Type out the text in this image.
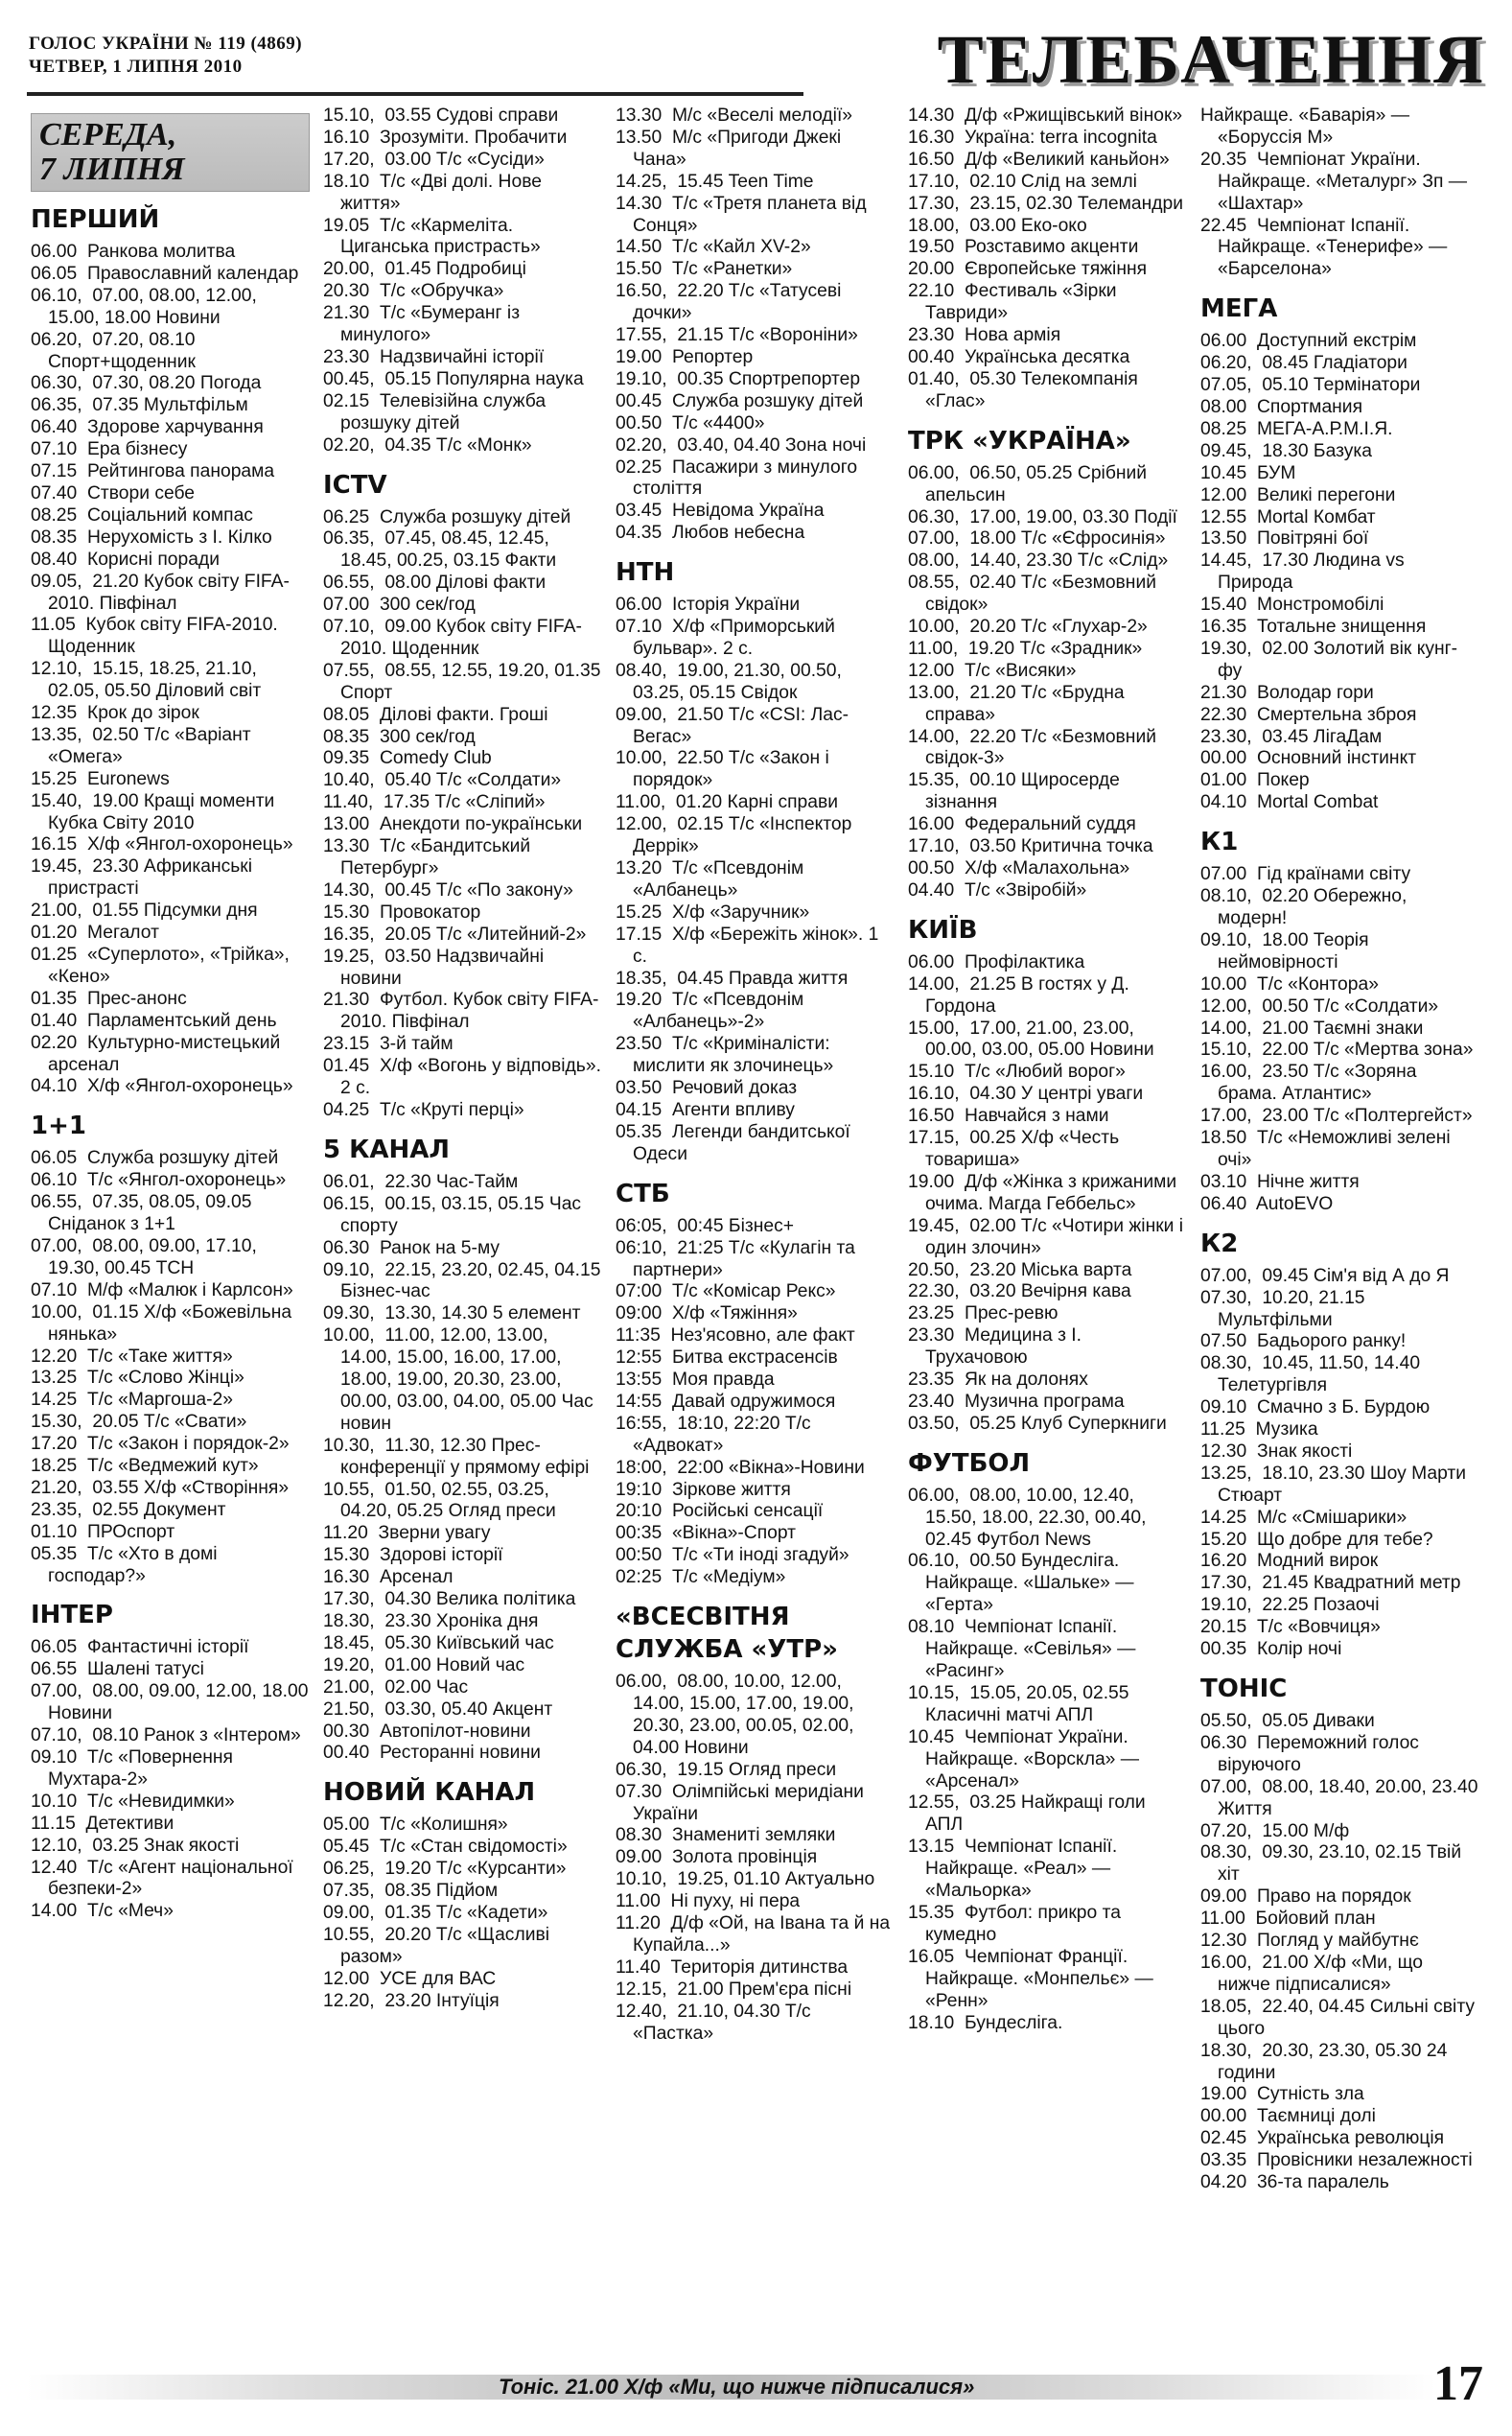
ГОЛОС УКРАЇНИ № 119 (4869)
ЧЕТВЕР, 1 ЛИПНЯ 2010	ТЕЛЕБАЧЕННЯ
СЕРЕДА,
7 ЛИПНЯ
ПЕРШИЙ
06.00  Ранкова молитва
06.05  Православний календар
06.10,  07.00, 08.00, 12.00, 15.00, 18.00 Новини
06.20,  07.20, 08.10 Спорт+щоденник
06.30,  07.30, 08.20 Погода
06.35,  07.35 Мультфільм
06.40  Здорове харчування
07.10  Ера бізнесу
07.15  Рейтингова панорама
07.40  Створи себе
08.25  Соціальний компас
08.35  Нерухомість з І. Кілко
08.40  Корисні поради
09.05,  21.20 Кубок світу FIFA-2010. Півфінал
11.05  Кубок світу FIFA-2010. Щоденник
12.10,  15.15, 18.25, 21.10, 02.05, 05.50 Діловий світ
12.35  Крок до зірок
13.35,  02.50 Т/с «Варіант «Омега»
15.25  Euronews
15.40,  19.00 Кращі моменти Кубка Світу 2010
16.15  Х/ф «Янгол-охоронець»
19.45,  23.30 Африканські пристрасті
21.00,  01.55 Підсумки дня
01.20  Мегалот
01.25  «Суперлото», «Трійка», «Кено»
01.35  Прес-анонс
01.40  Парламентський день
02.20  Культурно-мистецький арсенал
04.10  Х/ф «Янгол-охоронець»
1+1
06.05  Служба розшуку дітей
06.10  Т/с «Янгол-охоронець»
06.55,  07.35, 08.05, 09.05 Сніданок з 1+1
07.00,  08.00, 09.00, 17.10, 19.30, 00.45 ТСН
07.10  М/ф «Малюк і Карлсон»
10.00,  01.15 Х/ф «Божевільна нянька»
12.20  Т/с «Таке життя»
13.25  Т/с «Слово Жінці»
14.25  Т/с «Маргоша-2»
15.30,  20.05 Т/с «Свати»
17.20  Т/с «Закон і порядок-2»
18.25  Т/с «Ведмежий кут»
21.20,  03.55 Х/ф «Створіння»
23.35,  02.55 Документ
01.10  ПРОспорт
05.35  Т/с «Хто в домі господар?»
ІНТЕР
06.05  Фантастичні історії
06.55  Шалені татусі
07.00,  08.00, 09.00, 12.00, 18.00 Новини
07.10,  08.10 Ранок з «Інтером»
09.10  Т/с «Повернення Мухтара-2»
10.10  Т/с «Невидимки»
11.15  Детективи
12.10,  03.25 Знак якості
12.40  Т/с «Агент національної безпеки-2»
14.00  Т/с «Меч»
15.10,  03.55 Судові справи
16.10  Зрозуміти. Пробачити
17.20,  03.00 Т/с «Сусіди»
18.10  Т/с «Дві долі. Нове життя»
19.05  Т/с «Кармеліта. Циганська пристрасть»
20.00,  01.45 Подробиці
20.30  Т/с «Обручка»
21.30  Т/с «Бумеранг із минулого»
23.30  Надзвичайні історії
00.45,  05.15 Популярна наука
02.15  Телевізійна служба розшуку дітей
02.20,  04.35 Т/с «Монк»
ICTV
06.25  Служба розшуку дітей
06.35,  07.45, 08.45, 12.45, 18.45, 00.25, 03.15 Факти
06.55,  08.00 Ділові факти
07.00  300 сек/год
07.10,  09.00 Кубок світу FIFA-2010. Щоденник
07.55,  08.55, 12.55, 19.20, 01.35 Спорт
08.05  Ділові факти. Гроші
08.35  300 сек/год
09.35  Comedy Club
10.40,  05.40 Т/с «Солдати»
11.40,  17.35 Т/с «Сліпий»
13.00  Анекдоти по-українськи
13.30  Т/с «Бандитський Петербург»
14.30,  00.45 Т/с «По закону»
15.30  Провокатор
16.35,  20.05 Т/с «Литейний-2»
19.25,  03.50 Надзвичайні новини
21.30  Футбол. Кубок світу FIFA-2010. Півфінал
23.15  3-й тайм
01.45  Х/ф «Вогонь у відповідь». 2 с.
04.25  Т/с «Круті перці»
5 КАНАЛ
06.01,  22.30 Час-Тайм
06.15,  00.15, 03.15, 05.15 Час спорту
06.30  Ранок на 5-му
09.10,  22.15, 23.20, 02.45, 04.15 Бізнес-час
09.30,  13.30, 14.30 5 елемент
10.00,  11.00, 12.00, 13.00, 14.00, 15.00, 16.00, 17.00, 18.00, 19.00, 20.30, 23.00, 00.00, 03.00, 04.00, 05.00 Час новин
10.30,  11.30, 12.30 Прес-конференції у прямому ефірі
10.55,  01.50, 02.55, 03.25, 04.20, 05.25 Огляд преси
11.20  Зверни увагу
15.30  Здорові історії
16.30  Арсенал
17.30,  04.30 Велика політика
18.30,  23.30 Хроніка дня
18.45,  05.30 Київський час
19.20,  01.00 Новий час
21.00,  02.00 Час
21.50,  03.30, 05.40 Акцент
00.30  Автопілот-новини
00.40  Ресторанні новини
НОВИЙ КАНАЛ
05.00  Т/с «Колишня»
05.45  Т/с «Стан свідомості»
06.25,  19.20 Т/с «Курсанти»
07.35,  08.35 Підйом
09.00,  01.35 Т/с «Кадети»
10.55,  20.20 Т/с «Щасливі разом»
12.00  УСЕ для ВАС
12.20,  23.20 Інтуїція
13.30  М/с «Веселі мелодії»
13.50  М/с «Пригоди Джекі Чана»
14.25,  15.45 Teen Time
14.30  Т/с «Третя планета від Сонця»
14.50  Т/с «Кайл XV-2»
15.50  Т/с «Ранетки»
16.50,  22.20 Т/с «Татусеві дочки»
17.55,  21.15 Т/с «Вороніни»
19.00  Репортер
19.10,  00.35 Спортрепортер
00.45  Служба розшуку дітей
00.50  Т/с «4400»
02.20,  03.40, 04.40 Зона ночі
02.25  Пасажири з минулого століття
03.45  Невідома Україна
04.35  Любов небесна
НТН
06.00  Історія України
07.10  Х/ф «Приморський бульвар». 2 с.
08.40,  19.00, 21.30, 00.50, 03.25, 05.15 Свідок
09.00,  21.50 Т/с «CSI: Лас-Вегас»
10.00,  22.50 Т/с «Закон і порядок»
11.00,  01.20 Карні справи
12.00,  02.15 Т/с «Інспектор Деррік»
13.20  Т/с «Псевдонім «Албанець»
15.25  Х/ф «Заручник»
17.15  Х/ф «Бережіть жінок». 1 с.
18.35,  04.45 Правда життя
19.20  Т/с «Псевдонім «Албанець»-2»
23.50  Т/с «Криміналісти: мислити як злочинець»
03.50  Речовий доказ
04.15  Агенти впливу
05.35  Легенди бандитської Одеси
СТБ
06:05,  00:45 Бізнес+
06:10,  21:25 Т/с «Кулагін та партнери»
07:00  Т/с «Комісар Рекс»
09:00  Х/ф «Тяжіння»
11:35  Нез'ясовно, але факт
12:55  Битва екстрасенсів
13:55  Моя правда
14:55  Давай одружимося
16:55,  18:10, 22:20 Т/с «Адвокат»
18:00,  22:00 «Вікна»-Новини
19:10  Зіркове життя
20:10  Російські сенсації
00:35  «Вікна»-Спорт
00:50  Т/с «Ти іноді згадуй»
02:25  Т/с «Медіум»
«ВСЕСВІТНЯ СЛУЖБА «УТР»
06.00,  08.00, 10.00, 12.00, 14.00, 15.00, 17.00, 19.00, 20.30, 23.00, 00.05, 02.00, 04.00 Новини
06.30,  19.15 Огляд преси
07.30  Олімпійські меридіани України
08.30  Знамениті земляки
09.00  Золота провінція
10.10,  19.25, 01.10 Актуально
11.00  Ні пуху, ні пера
11.20  Д/ф «Ой, на Івана та й на Купайла...»
11.40  Територія дитинства
12.15,  21.00 Прем'єра пісні
12.40,  21.10, 04.30 Т/с «Пастка»
14.30  Д/ф «Ржищівський вінок»
16.30  Україна: terra incognita
16.50  Д/ф «Великий каньйон»
17.10,  02.10 Слід на землі
17.30,  23.15, 02.30 Телемандри
18.00,  03.00 Еко-око
19.50  Розставимо акценти
20.00  Європейське тяжіння
22.10  Фестиваль «Зірки Тавриди»
23.30  Нова армія
00.40  Українська десятка
01.40,  05.30 Телекомпанія «Глас»
ТРК «УКРАЇНА»
06.00,  06.50, 05.25 Срібний апельсин
06.30,  17.00, 19.00, 03.30 Події
07.00,  18.00 Т/с «Єфросинія»
08.00,  14.40, 23.30 Т/с «Слід»
08.55,  02.40 Т/с «Безмовний свідок»
10.00,  20.20 Т/с «Глухар-2»
11.00,  19.20 Т/с «Зрадник»
12.00  Т/с «Висяки»
13.00,  21.20 Т/с «Брудна справа»
14.00,  22.20 Т/с «Безмовний свідок-3»
15.35,  00.10 Щиросерде зізнання
16.00  Федеральний суддя
17.10,  03.50 Критична точка
00.50  Х/ф «Малахольна»
04.40  Т/с «Звіробій»
КИЇВ
06.00  Профілактика
14.00,  21.25 В гостях у Д. Гордона
15.00,  17.00, 21.00, 23.00, 00.00, 03.00, 05.00 Новини
15.10  Т/с «Любий ворог»
16.10,  04.30 У центрі уваги
16.50  Навчайся з нами
17.15,  00.25 Х/ф «Честь товариша»
19.00  Д/ф «Жінка з крижаними очима. Магда Геббельс»
19.45,  02.00 Т/с «Чотири жінки і один злочин»
20.50,  23.20 Міська варта
22.30,  03.20 Вечірня кава
23.25  Прес-ревю
23.30  Медицина з І. Трухачовою
23.35  Як на долонях
23.40  Музична програма
03.50,  05.25 Клуб Суперкниги
ФУТБОЛ
06.00,  08.00, 10.00, 12.40, 15.50, 18.00, 22.30, 00.40, 02.45 Футбол News
06.10,  00.50 Бундесліга. Найкраще. «Шальке» — «Герта»
08.10  Чемпіонат Іспанії. Найкраще. «Севілья» — «Расинг»
10.15,  15.05, 20.05, 02.55 Класичні матчі АПЛ
10.45  Чемпіонат України. Найкраще. «Ворскла» — «Арсенал»
12.55,  03.25 Найкращі голи АПЛ
13.15  Чемпіонат Іспанії. Найкраще. «Реал» — «Мальорка»
15.35  Футбол: прикро та кумедно
16.05  Чемпіонат Франції. Найкраще. «Монпельє» — «Ренн»
18.10  Бундесліга.
Найкраще. «Баварія» — «Боруссія М»
20.35  Чемпіонат України. Найкраще. «Металург» Зп — «Шахтар»
22.45  Чемпіонат Іспанії. Найкраще. «Тенерифе» — «Барселона»
МЕГА
06.00  Доступний екстрім
06.20,  08.45 Гладіатори
07.05,  05.10 Термінатори
08.00  Спортмания
08.25  МЕГА-А.Р.М.І.Я.
09.45,  18.30 Базука
10.45  БУМ
12.00  Великі перегони
12.55  Mortal Комбат
13.50  Повітряні бої
14.45,  17.30 Людина vs Природа
15.40  Монстромобілі
16.35  Тотальне знищення
19.30,  02.00 Золотий вік кунг-фу
21.30  Володар гори
22.30  Смертельна зброя
23.30,  03.45 ЛігаДам
00.00  Основний інстинкт
01.00  Покер
04.10  Mortal Combat
К1
07.00  Гід країнами світу
08.10,  02.20 Обережно, модерн!
09.10,  18.00 Теорія неймовірності
10.00  Т/с «Контора»
12.00,  00.50 Т/с «Солдати»
14.00,  21.00 Таємні знаки
15.10,  22.00 Т/с «Мертва зона»
16.00,  23.50 Т/с «Зоряна брама. Атлантис»
17.00,  23.00 Т/с «Полтергейст»
18.50  Т/с «Неможливі зелені очі»
03.10  Нічне життя
06.40  AutoEVO
К2
07.00,  09.45 Сім'я від А до Я
07.30,  10.20, 21.15 Мультфільми
07.50  Бадьорого ранку!
08.30,  10.45, 11.50, 14.40 Телетургівля
09.10  Смачно з Б. Бурдою
11.25  Музика
12.30  Знак якості
13.25,  18.10, 23.30 Шоу Марти Стюарт
14.25  М/с «Смішарики»
15.20  Що добре для тебе?
16.20  Модний вирок
17.30,  21.45 Квадратний метр
19.10,  22.25 Позаочі
20.15  Т/с «Вовчиця»
00.35  Колір ночі
ТОНІС
05.50,  05.05 Диваки
06.30  Переможний голос віруючого
07.00,  08.00, 18.40, 20.00, 23.40 Життя
07.20,  15.00 М/ф
08.30,  09.30, 23.10, 02.15 Твій хіт
09.00  Право на порядок
11.00  Бойовий план
12.30  Погляд у майбутнє
16.00,  21.00 Х/ф «Ми, що нижче підписалися»
18.05,  22.40, 04.45 Сильні світу цього
18.30,  20.30, 23.30, 05.30 24 години
19.00  Сутність зла
00.00  Таємниці долі
02.45  Українська революція
03.35  Провісники незалежності
04.20  36-та паралель
Тоніс. 21.00 Х/ф «Ми, що нижче підписалися»	17
